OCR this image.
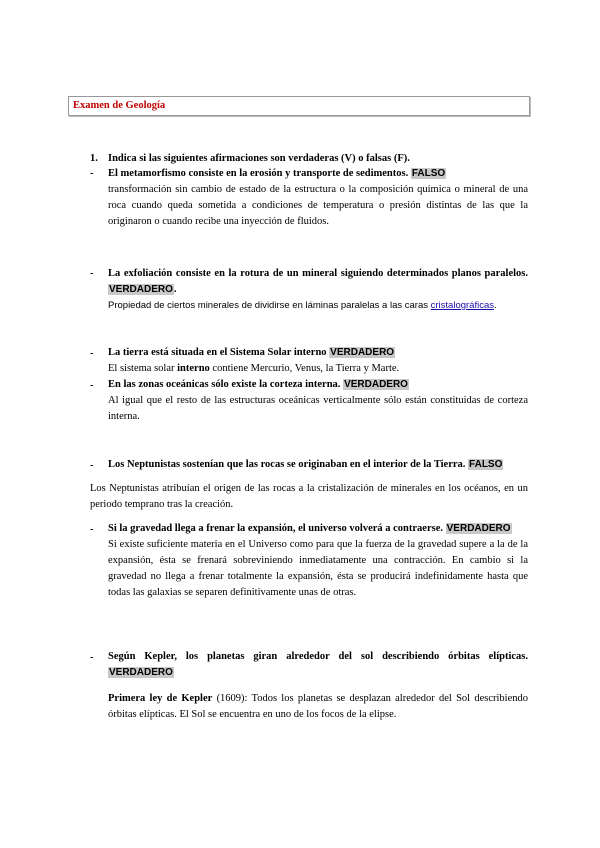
Examen de Geología
1. Indica si las siguientes afirmaciones son verdaderas (V) o falsas (F).
-	El metamorfismo consiste en la erosión y transporte de sedimentos. FALSO
transformación sin cambio de estado de la estructura o la composición química o mineral de una roca cuando queda sometida a condiciones de temperatura o presión distintas de las que la originaron o cuando recibe una inyección de fluidos.
-	La exfoliación consiste en la rotura de un mineral siguiendo determinados planos paralelos. VERDADERO.
Propiedad de ciertos minerales de dividirse en láminas paralelas a las caras cristalográficas.
-	La tierra está situada en el Sistema Solar interno VERDADERO
El sistema solar interno contiene Mercurio, Venus, la Tierra y Marte.
-	En las zonas oceánicas sólo existe la corteza interna. VERDADERO
Al igual que el resto de las estructuras oceánicas verticalmente sólo están constituidas de corteza interna.
-	Los Neptunistas sostenían que las rocas se originaban en el interior de la Tierra. FALSO
Los Neptunistas atribuían el origen de las rocas a la cristalización de minerales en los océanos, en un periodo temprano tras la creación.
-	Si la gravedad llega a frenar la expansión, el universo volverá a contraerse. VERDADERO
Si existe suficiente materia en el Universo como para que la fuerza de la gravedad supere a la de la expansión, ésta se frenará sobreviniendo inmediatamente una contracción. En cambio si la gravedad no llega a frenar totalmente la expansión, ésta se producirá indefinidamente hasta que todas las galaxias se separen definitivamente unas de otras.
-	Según Kepler, los planetas giran alrededor del sol describiendo órbitas elípticas. VERDADERO
Primera ley de Kepler (1609): Todos los planetas se desplazan alrededor del Sol describiendo órbitas elípticas. El Sol se encuentra en uno de los focos de la elipse.
